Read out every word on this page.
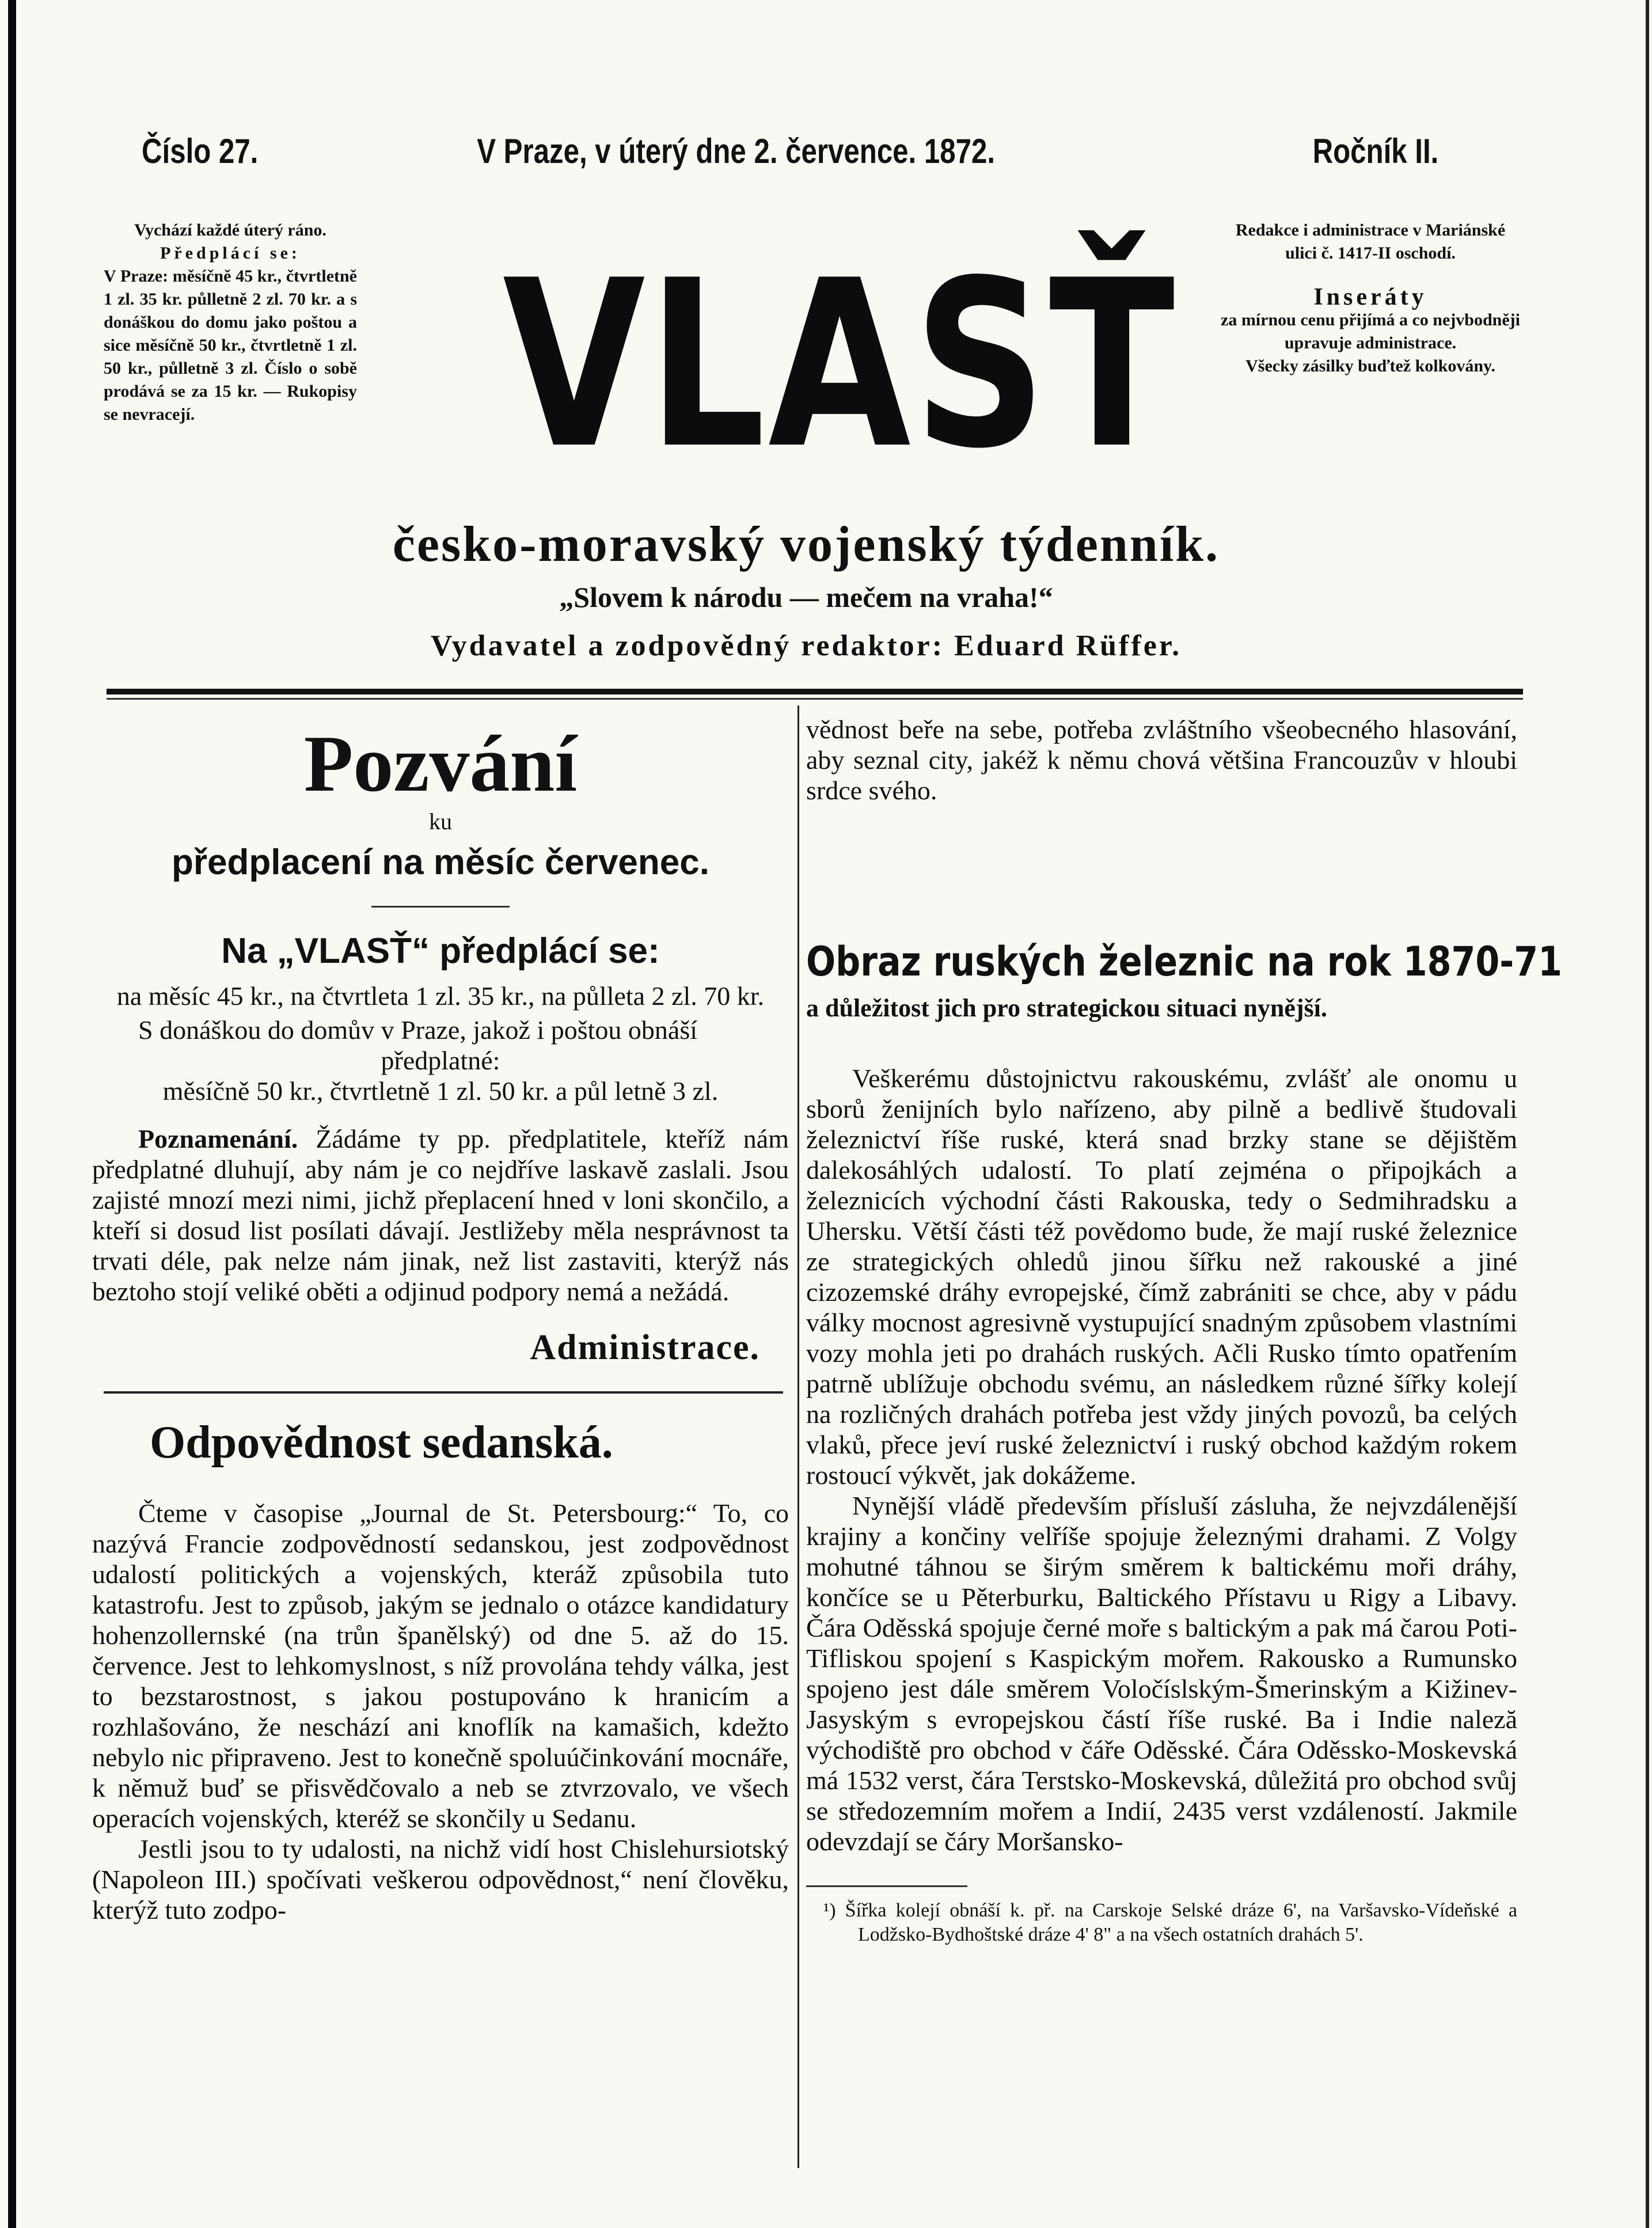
Číslo 27.	V Praze, v úterý dne 2. července. 1872.	Ročník II.
Vychází každé úterý ráno.
Předplácí se:
V Praze: měsíčně 45 kr., čtvrtletně 1 zl. 35 kr. půlletně 2 zl. 70 kr. a s donáškou do domu jako poštou a sice měsíčně 50 kr., čtvrtletně 1 zl. 50 kr., půlletně 3 zl. Číslo o sobě prodává se za 15 kr. — Rukopisy se nevracejí.	VLASŤ
Redakce i administrace v Mariánské ulici č. 1417-II oschodí.
Inseráty
za mírnou cenu přijímá a co nejvbodněji upravuje administrace.
Všecky zásilky buďtež kolkovány.
česko-moravský vojenský týdenník.
„Slovem k národu — mečem na vraha!“
Vydavatel a zodpovědný redaktor: Eduard Rüffer.
Pozvání
ku
předplacení na měsíc červenec.
Na „VLASŤ“ předplácí se:

na měsíc 45 kr., na čtvrtleta 1 zl. 35 kr., na půlleta 2 zl. 70 kr.

S donáškou do domův v Praze, jakož i poštou obnáší

předplatné:

měsíčně 50 kr., čtvrtletně 1 zl. 50 kr. a půl letně 3 zl.

Poznamenání. Žádáme ty pp. předplatitele, kteříž nám předplatné dluhují, aby nám je co nejdříve laskavě zaslali. Jsou zajisté mnozí mezi nimi, jichž přeplacení hned v loni skončilo, a kteří si dosud list posílati dávají. Jestližeby měla nesprávnost ta trvati déle, pak nelze nám jinak, než list zastaviti, kterýž nás beztoho stojí veliké oběti a odjinud podpory nemá a nežádá.

Administrace.
Odpovědnost sedanská.

Čteme v časopise „Journal de St. Petersbourg:“ To, co nazývá Francie zodpovědností sedanskou, jest zodpovědnost udalostí politických a vojenských, kteráž způsobila tuto katastrofu. Jest to způsob, jakým se jednalo o otázce kandidatury hohenzollernské (na trůn španělský) od dne 5. až do 15. července. Jest to lehkomyslnost, s níž provolána tehdy válka, jest to bezstarostnost, s jakou postupováno k hranicím a rozhlašováno, že neschází ani knoflík na kamašich, kdežto nebylo nic připraveno. Jest to konečně spoluúčinkování mocnáře, k němuž buď se přisvědčovalo a neb se ztvrzovalo, ve všech operacích vojenských, kteréž se skončily u Sedanu.

Jestli jsou to ty udalosti, na nichž vidí host Chislehursiotský (Napoleon III.) spočívati veškerou odpovědnost,“ není člověku, kterýž tuto zodpo-

vědnost beře na sebe, potřeba zvláštního všeobecného hlasování, aby seznal city, jakéž k němu chová většina Francouzův v hloubi srdce svého.

Obraz ruských železnic na rok 1870-71
a důležitost jich pro strategickou situaci nynější.

Veškerému důstojnictvu rakouskému, zvlášť ale onomu u sborů ženijních bylo nařízeno, aby pilně a bedlivě študovali železnictví říše ruské, která snad brzky stane se dějištěm dalekosáhlých udalostí. To platí zejména o připojkách a železnicích východní části Rakouska, tedy o Sedmihradsku a Uhersku. Větší části též povědomo bude, že mají ruské železnice ze strategických ohledů jinou šířku než rakouské a jiné cizozemské dráhy evropejské, čímž zabrániti se chce, aby v pádu války mocnost agresivně vystupující snadným způsobem vlastními vozy mohla jeti po drahách ruských. Ačli Rusko tímto opatřením patrně ublížuje obchodu svému, an následkem různé šířky kolejí na rozličných drahách potřeba jest vždy jiných povozů, ba celých vlaků, přece jeví ruské železnictví i ruský obchod každým rokem rostoucí výkvět, jak dokážeme.

Nynější vládě především přísluší zásluha, že nejvzdálenější krajiny a končiny velříše spojuje železnými drahami. Z Volgy mohutné táhnou se širým směrem k baltickému moři dráhy, končíce se u Pěterburku, Baltického Přístavu u Rigy a Libavy. Čára Oděsská spojuje černé moře s baltickým a pak má čarou Poti-Tifliskou spojení s Kaspickým mořem. Rakousko a Rumunsko spojeno jest dále směrem Voločíslským-Šmerinským a Kižinev-Jasyským s evropejskou částí říše ruské. Ba i Indie naleză východiště pro obchod v čáře Oděsské. Čára Oděssko-Moskevská má 1532 verst, čára Terstsko-Moskevská, důležitá pro obchod svůj se středozemním mořem a Indií, 2435 verst vzdáleností. Jakmile odevzdají se čáry Moršansko-

¹) Šířka kolejí obnáší k. př. na Carskoje Selské dráze 6', na Varšavsko-Vídeňské a Lodžsko-Bydhoštské dráze 4' 8" a na všech ostatních drahách 5'.
